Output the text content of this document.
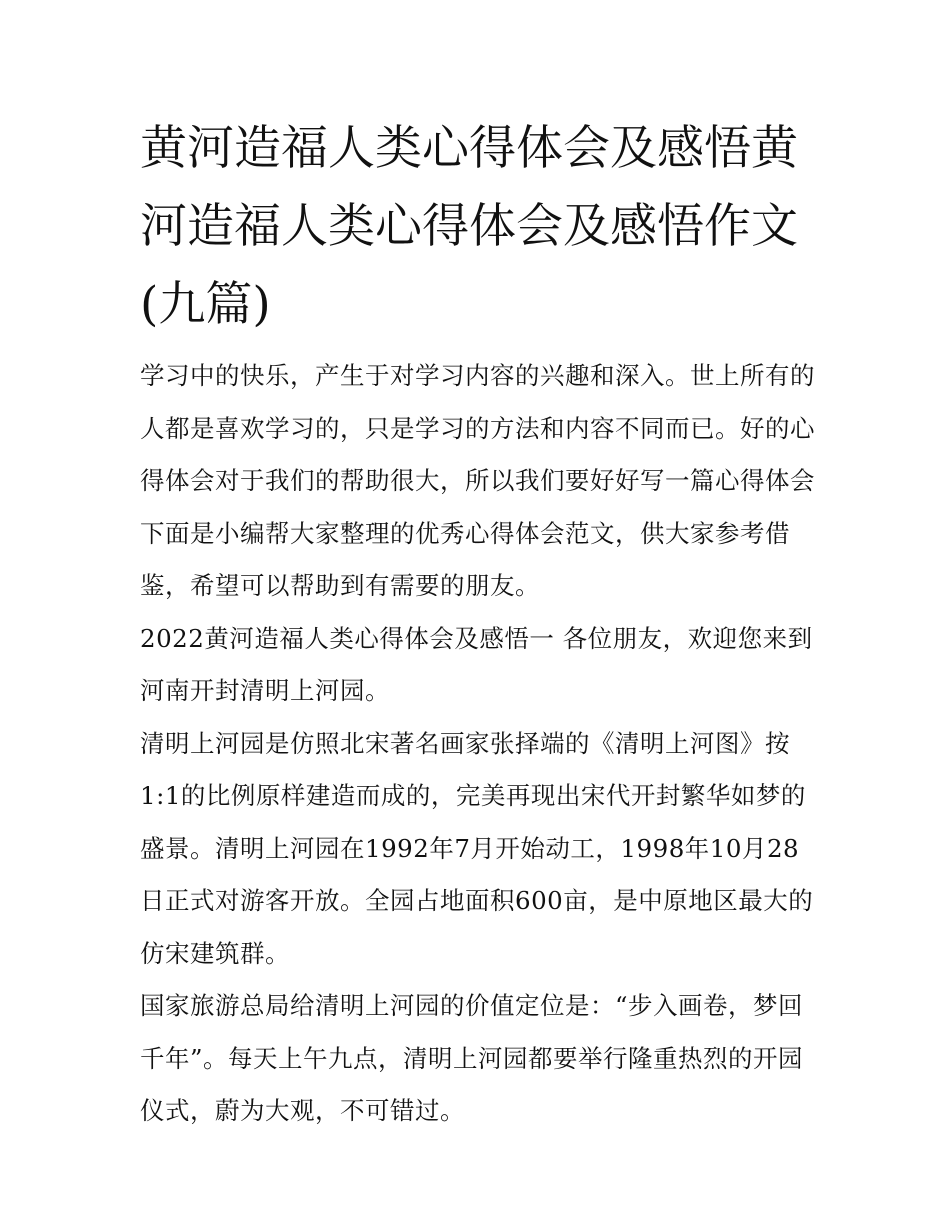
黄河造福人类心得体会及感悟黄河造福人类心得体会及感悟作文(九篇)

学习中的快乐，产生于对学习内容的兴趣和深入。世上所有的人都是喜欢学习的，只是学习的方法和内容不同而已。好的心得体会对于我们的帮助很大，所以我们要好好写一篇心得体会下面是小编帮大家整理的优秀心得体会范文，供大家参考借鉴，希望可以帮助到有需要的朋友。

2022黄河造福人类心得体会及感悟一 各位朋友，欢迎您来到河南开封清明上河园。

清明上河园是仿照北宋著名画家张择端的《清明上河图》按1:1的比例原样建造而成的，完美再现出宋代开封繁华如梦的盛景。清明上河园在1992年7月开始动工，1998年10月28日正式对游客开放。全园占地面积600亩，是中原地区最大的仿宋建筑群。

国家旅游总局给清明上河园的价值定位是：“步入画卷，梦回千年”。每天上午九点，清明上河园都要举行隆重热烈的开园仪式，蔚为大观，不可错过。
